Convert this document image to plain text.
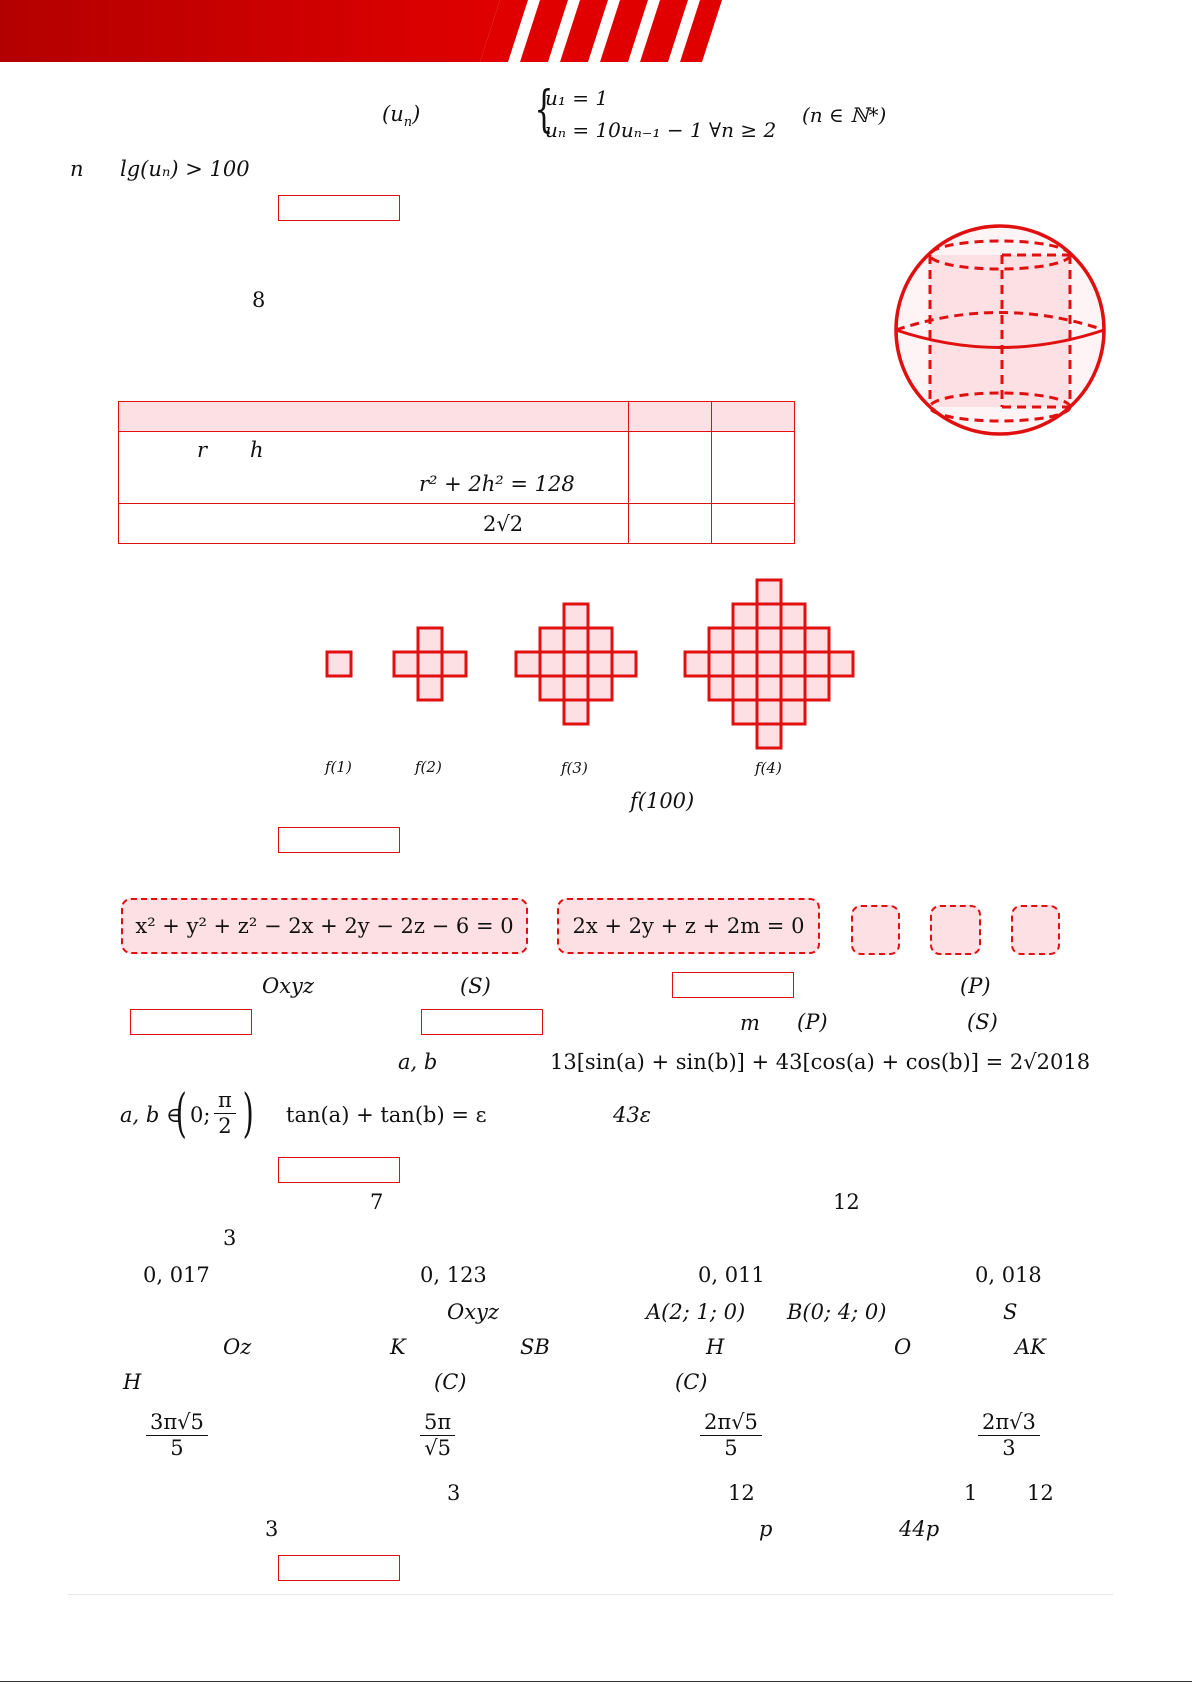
$(u_n)$ {
u₁ = 1
uₙ = 10uₙ₋₁ − 1 ∀n ≥ 2
(n ∈ ℕ*)
n lg(uₙ) > 100
8

r h
r² + 2h² = 128		

2√2		

f(1)	f(2)	f(3)	f(4)
f(100)
x² + y² + z² − 2x + 2y − 2z − 6 = 0	2x + 2y + z + 2m = 0
Oxyz	(S)	(P)
m (P)	(S)
a, b	13[sin(a) + sin(b)] + 43[cos(a) + cos(b)] = 2√2018
a, b ∈
( 0; $\frac{\pi}{2}$ ) tan(a) + tan(b) = ε	43ε
7	12
3
0, 017	0, 123	0, 011	0, 018
Oxyz	A(2; 1; 0) B(0; 4; 0)	S
Oz	K	SB	H	O	AK
H	(C)	(C)
$\frac{3\pi√5}{5}$	$\frac{5\pi}{√5}$	$\frac{2\pi√5}{5}$	$\frac{2\pi√3}{3}$
3	12	1 12
3	p	44p
